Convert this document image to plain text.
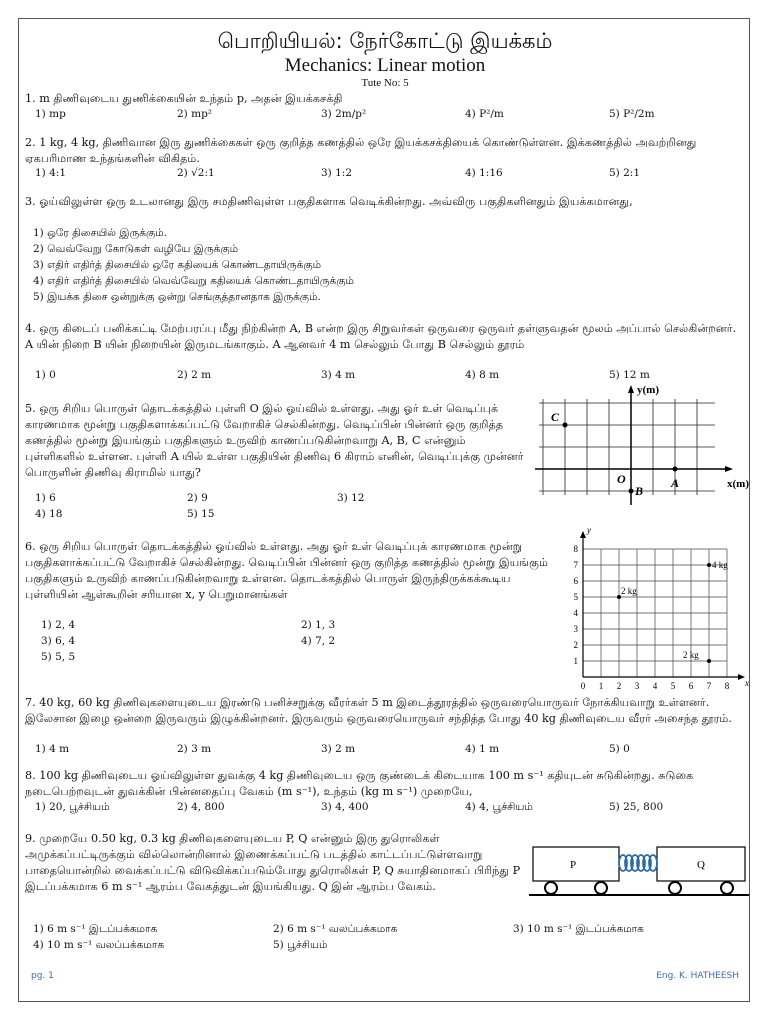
பொறியியல்: நேர்கோட்டு இயக்கம்
Mechanics: Linear motion
Tute No: 5
1. m திணிவுடைய துணிக்கையின் உந்தம் p, அதன் இயக்கசக்தி
1) mp	2) mp²	3) 2m/p²	4) P²/m	5) P²/2m
2. 1 kg, 4 kg, திணிவான இரு துணிக்கைகள் ஒரு குறித்த கணத்தில் ஒரே இயக்கசக்தியைக் கொண்டுள்ளன. இக்கணத்தில் அவற்றினது ஏகபரிமாண உந்தங்களின் விகிதம்.
1) 4:1	2) √2:1	3) 1:2	4) 1:16	5) 2:1
3. ஓய்விலுள்ள ஒரு உடலானது இரு சமதிணிவுள்ள பகுதிகளாக வெடிக்கின்றது. அவ்விரு பகுதிகளினதும் இயக்கமானது,
1) ஒரே திசையில் இருக்கும்.
2) வெவ்வேறு கோடுகள் வழியே இருக்கும்
3) எதிர் எதிர்த் திசையில் ஒரே கதியைக் கொண்டதாயிருக்கும்
4) எதிர் எதிர்த் திசையில் வெவ்வேறு கதியைக் கொண்டதாயிருக்கும்
5) இயக்க திசை ஒன்றுக்கு ஒன்று செங்குத்தானதாக இருக்கும்.
4. ஒரு கிடைப் பனிக்கட்டி மேற்பரப்பு மீது நிற்கின்ற A, B என்ற இரு சிறுவர்கள் ஒருவரை ஒருவர் தள்ளுவதன் மூலம் அப்பால் செல்கின்றனர். A யின் நிறை B யின் நிறையின் இருமடங்காகும். A ஆனவர் 4 m செல்லும் போது B செல்லும் தூரம்
1) 0	2) 2 m	3) 4 m	4) 8 m	5) 12 m
5. ஒரு சிறிய பொருள் தொடக்கத்தில் புள்ளி O இல் ஓய்வில் உள்ளது. அது ஓர் உள் வெடிப்புக் காரணமாக மூன்று பகுதிகளாக்கப்பட்டு வேறாகிச் செல்கின்றது. வெடிப்பின் பின்னர் ஒரு குறித்த கணத்தில் மூன்று இயங்கும் பகுதிகளும் உருவிற் காணப்படுகின்றவாறு A, B, C என்னும் புள்ளிகளில் உள்ளன. புள்ளி A யில் உள்ள பகுதியின் திணிவு 6 கிராம் எனின், வெடிப்புக்கு முன்னர் பொருளின் திணிவு கிராமில் யாது?
1) 6	2) 9	3) 12
4) 18	5) 15
y(m)
x(m)
C
O
B
A
6. ஒரு சிறிய பொருள் தொடக்கத்தில் ஓய்வில் உள்ளது. அது ஓர் உள் வெடிப்புக் காரணமாக மூன்று பகுதிகளாக்கப்பட்டு வேறாகிச் செல்கின்றது. வெடிப்பின் பின்னர் ஒரு குறித்த கணத்தில் மூன்று இயங்கும் பகுதிகளும் உருவிற் காணப்படுகின்றவாறு உள்ளன. தொடக்கத்தில் பொருள் இருந்திருக்கக்கூடிய புள்ளியின் ஆள்கூறின் சரியான x, y பெறுமானங்கள்
1) 2, 4	2) 1, 3
3) 6, 4	4) 7, 2
5) 5, 5
y
8
7
6
5
4
3
2
1
0 1 2 3 4 5 6 7 8 x
4 kg
2 kg
2 kg
7. 40 kg, 60 kg திணிவுகளையுடைய இரண்டு பனிச்சறுக்கு வீரர்கள் 5 m இடைத்தூரத்தில் ஒருவரையொருவர் நோக்கியவாறு உள்ளனர். இலேசான இழை ஒன்றை இருவரும் இழுக்கின்றனர். இருவரும் ஒருவரையொருவர் சந்தித்த போது 40 kg திணிவுடைய வீரர் அசைந்த தூரம்.
1) 4 m	2) 3 m	3) 2 m	4) 1 m	5) 0
8. 100 kg திணிவுடைய ஓய்விலுள்ள துவக்கு 4 kg திணிவுடைய ஒரு குண்டைக் கிடையாக 100 m s⁻¹ கதியுடன் சுடுகின்றது. சுடுகை நடைபெற்றவுடன் துவக்கின் பின்னதைப்பு வேகம் (m s⁻¹), உந்தம் (kg m s⁻¹) முறையே,
1) 20, பூச்சியம்	2) 4, 800	3) 4, 400	4) 4, பூச்சியம்	5) 25, 800
9. முறையே 0.50 kg, 0.3 kg திணிவுகளையுடைய P, Q என்னும் இரு துரொலிகள் அமுக்கப்பட்டிருக்கும் வில்லொன்றினால் இணைக்கப்பட்டு படத்தில் காட்டப்பட்டுள்ளவாறு பாதையொன்றில் வைக்கப்பட்டு விடுவிக்கப்படும்போது துரொலிகள் P, Q சுயாதினமாகப் பிரிந்து P இடப்பக்கமாக 6 m s⁻¹ ஆரம்ப வேகத்துடன் இயங்கியது. Q இன் ஆரம்ப வேகம்.
1) 6 m s⁻¹ இடப்பக்கமாக	2) 6 m s⁻¹ வலப்பக்கமாக	3) 10 m s⁻¹ இடப்பக்கமாக
4) 10 m s⁻¹ வலப்பக்கமாக	5) பூச்சியம்
P	Q
pg. 1	Eng. K. HATHEESH
